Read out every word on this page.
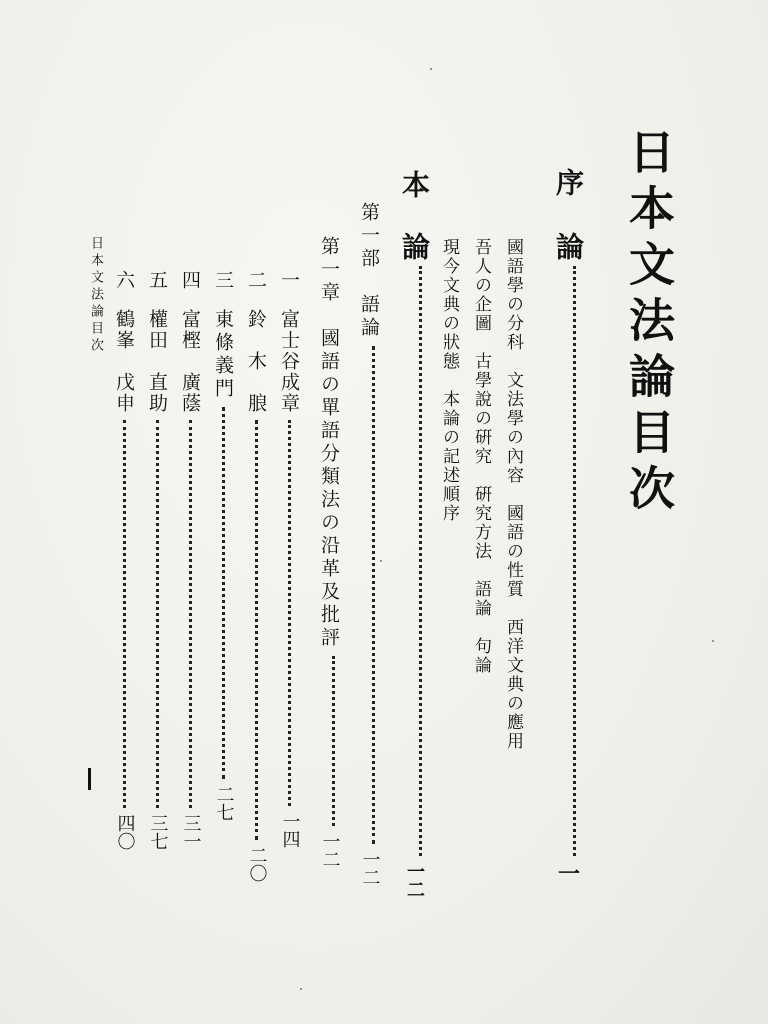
日本文法論目次
序
論
一
國語學の分科　文法學の內容　國語の性質　西洋文典の應用
吾人の企圖　古學說の硏究　硏究方法　語論　句論
現今文典の狀態　本論の記述順序
本
論
一二
第一部　語論
一二
第一章　國語の單語分類法の沿革及批評
一二
一
富士谷成章
一四
二
鈴　木　朖
二〇
三
東條義門
二七
四
富樫　廣蔭
三一
五
權田　直助
三七
六
鶴峯　戊申
四〇
日本文法論目次
